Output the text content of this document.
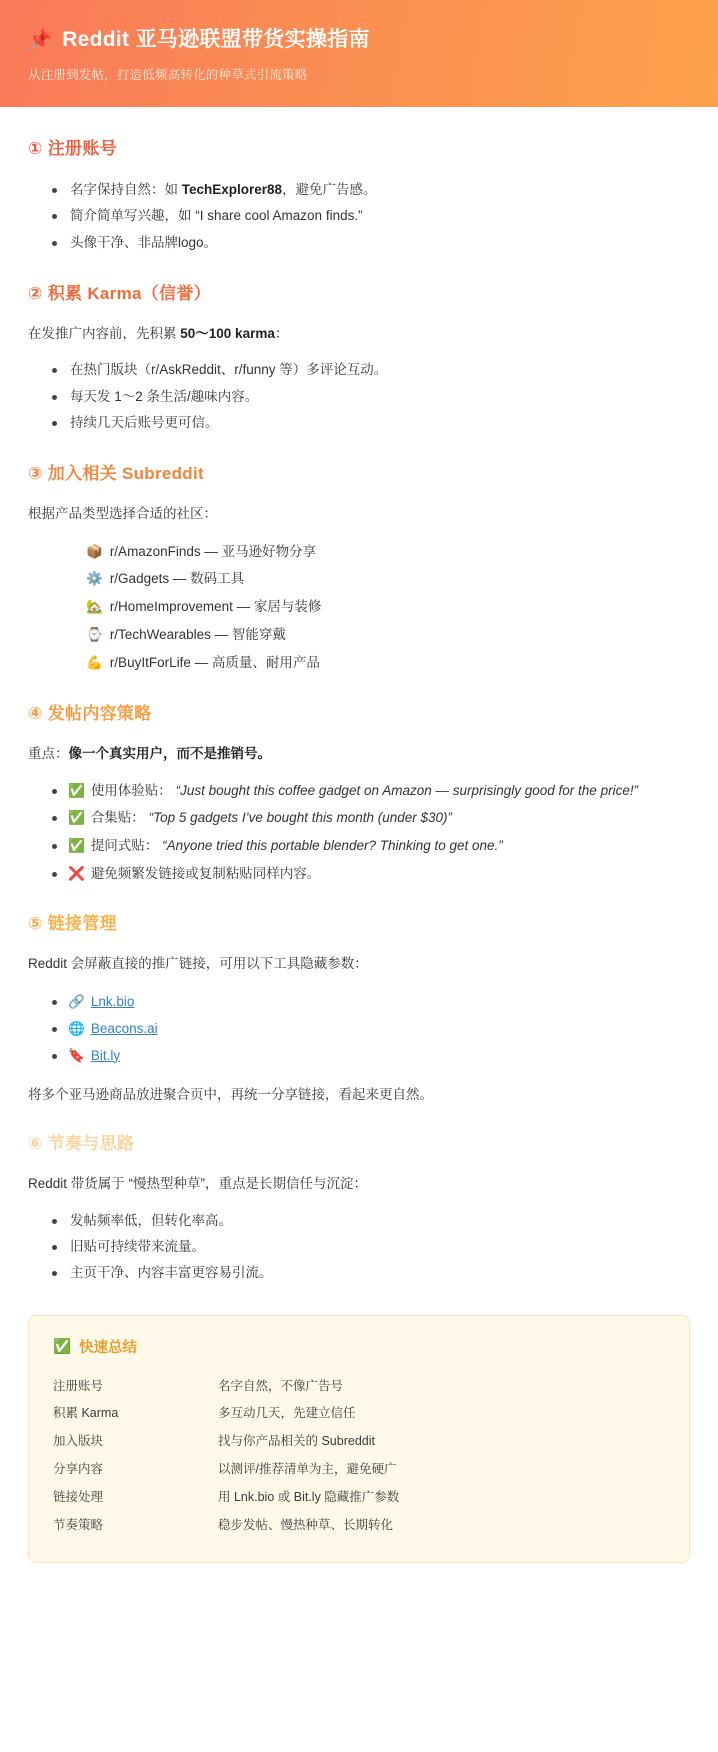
📌 Reddit 亚马逊联盟带货实操指南

从注册到发帖，打造低频高转化的种草式引流策略

① 注册账号
名字保持自然：如 TechExplorer88，避免广告感。
简介简单写兴趣，如 “I share cool Amazon finds.”
头像干净、非品牌logo。
② 积累 Karma（信誉）

在发推广内容前，先积累 50〜100 karma：

在热门版块（r/AskReddit、r/funny 等）多评论互动。
每天发 1〜2 条生活/趣味内容。
持续几天后账号更可信。
③ 加入相关 Subreddit

根据产品类型选择合适的社区：

📦 r/AmazonFinds — 亚马逊好物分享
⚙️ r/Gadgets — 数码工具
🏡 r/HomeImprovement — 家居与装修
⌚ r/TechWearables — 智能穿戴
💪 r/BuyItForLife — 高质量、耐用产品
④ 发帖内容策略

重点：像一个真实用户，而不是推销号。

✅ 使用体验贴： “Just bought this coffee gadget on Amazon — surprisingly good for the price!”
✅ 合集贴： “Top 5 gadgets I’ve bought this month (under $30)”
✅ 提问式贴： “Anyone tried this portable blender? Thinking to get one.”
❌ 避免频繁发链接或复制粘贴同样内容。
⑤ 链接管理

Reddit 会屏蔽直接的推广链接，可用以下工具隐藏参数：

🔗 Lnk.bio
🌐 Beacons.ai
🔖 Bit.ly

将多个亚马逊商品放进聚合页中，再统一分享链接，看起来更自然。

⑥ 节奏与思路

Reddit 带货属于 “慢热型种草”，重点是长期信任与沉淀：

发帖频率低，但转化率高。
旧贴可持续带来流量。
主页干净、内容丰富更容易引流。
✅ 快速总结
注册账号	名字自然，不像广告号
积累 Karma	多互动几天，先建立信任
加入版块	找与你产品相关的 Subreddit
分享内容	以测评/推荐清单为主，避免硬广
链接处理	用 Lnk.bio 或 Bit.ly 隐藏推广参数
节奏策略	稳步发帖、慢热种草、长期转化
